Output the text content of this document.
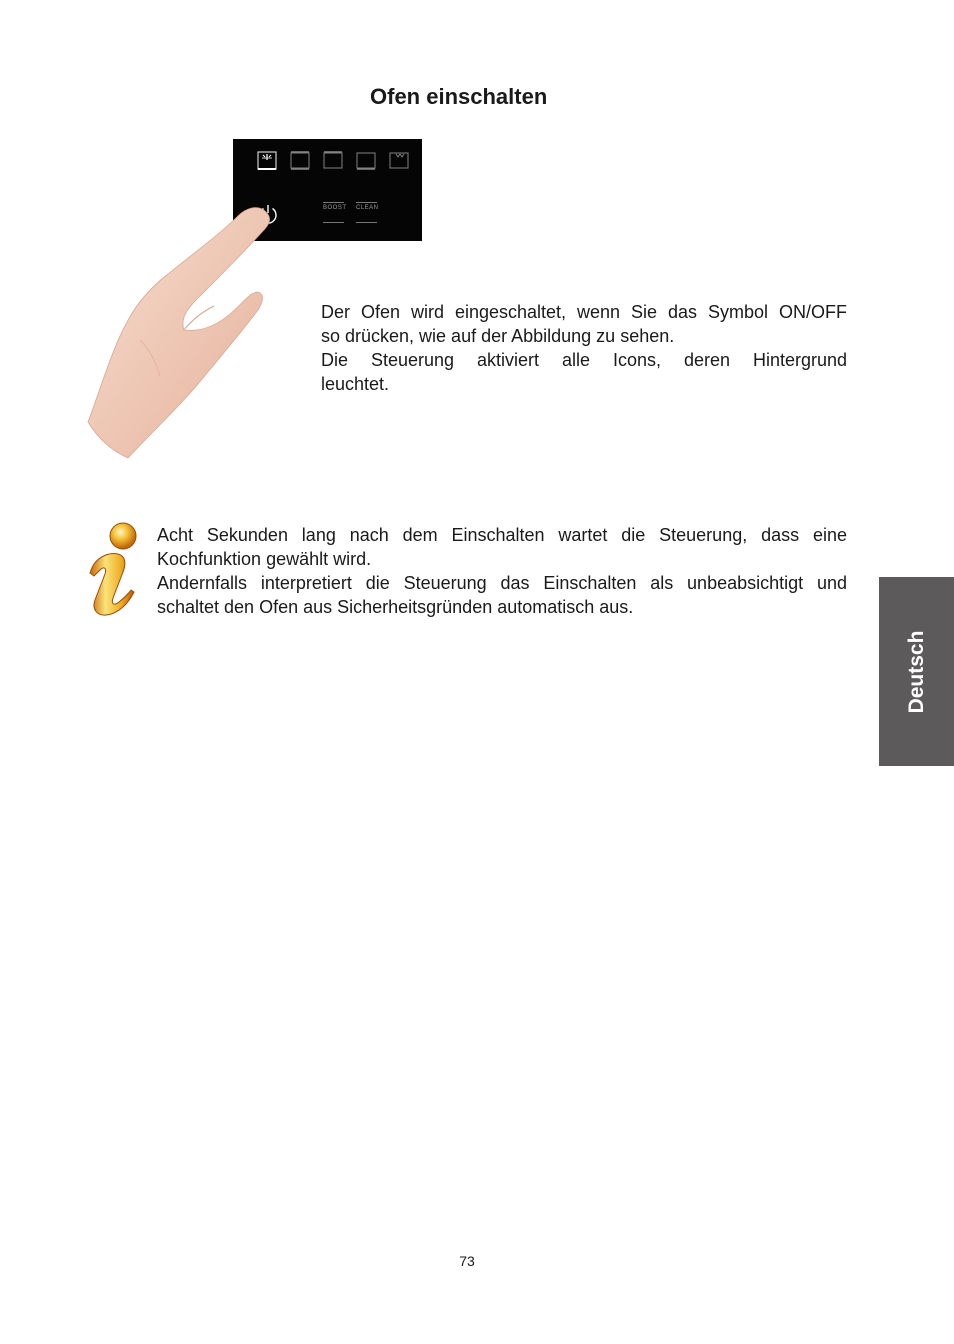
Ofen einschalten
BOOST CLEAN

Der Ofen wird eingeschaltet, wenn Sie das Symbol ON/OFF

so drücken, wie auf der Abbildung zu sehen.

Die Steuerung aktiviert alle Icons, deren Hintergrund

leuchtet.

Acht Sekunden lang nach dem Einschalten wartet die Steuerung, dass eine

Kochfunktion gewählt wird.

Andernfalls interpretiert die Steuerung das Einschalten als unbeabsichtigt und

schaltet den Ofen aus Sicherheitsgründen automatisch aus.

Deutsch
73
